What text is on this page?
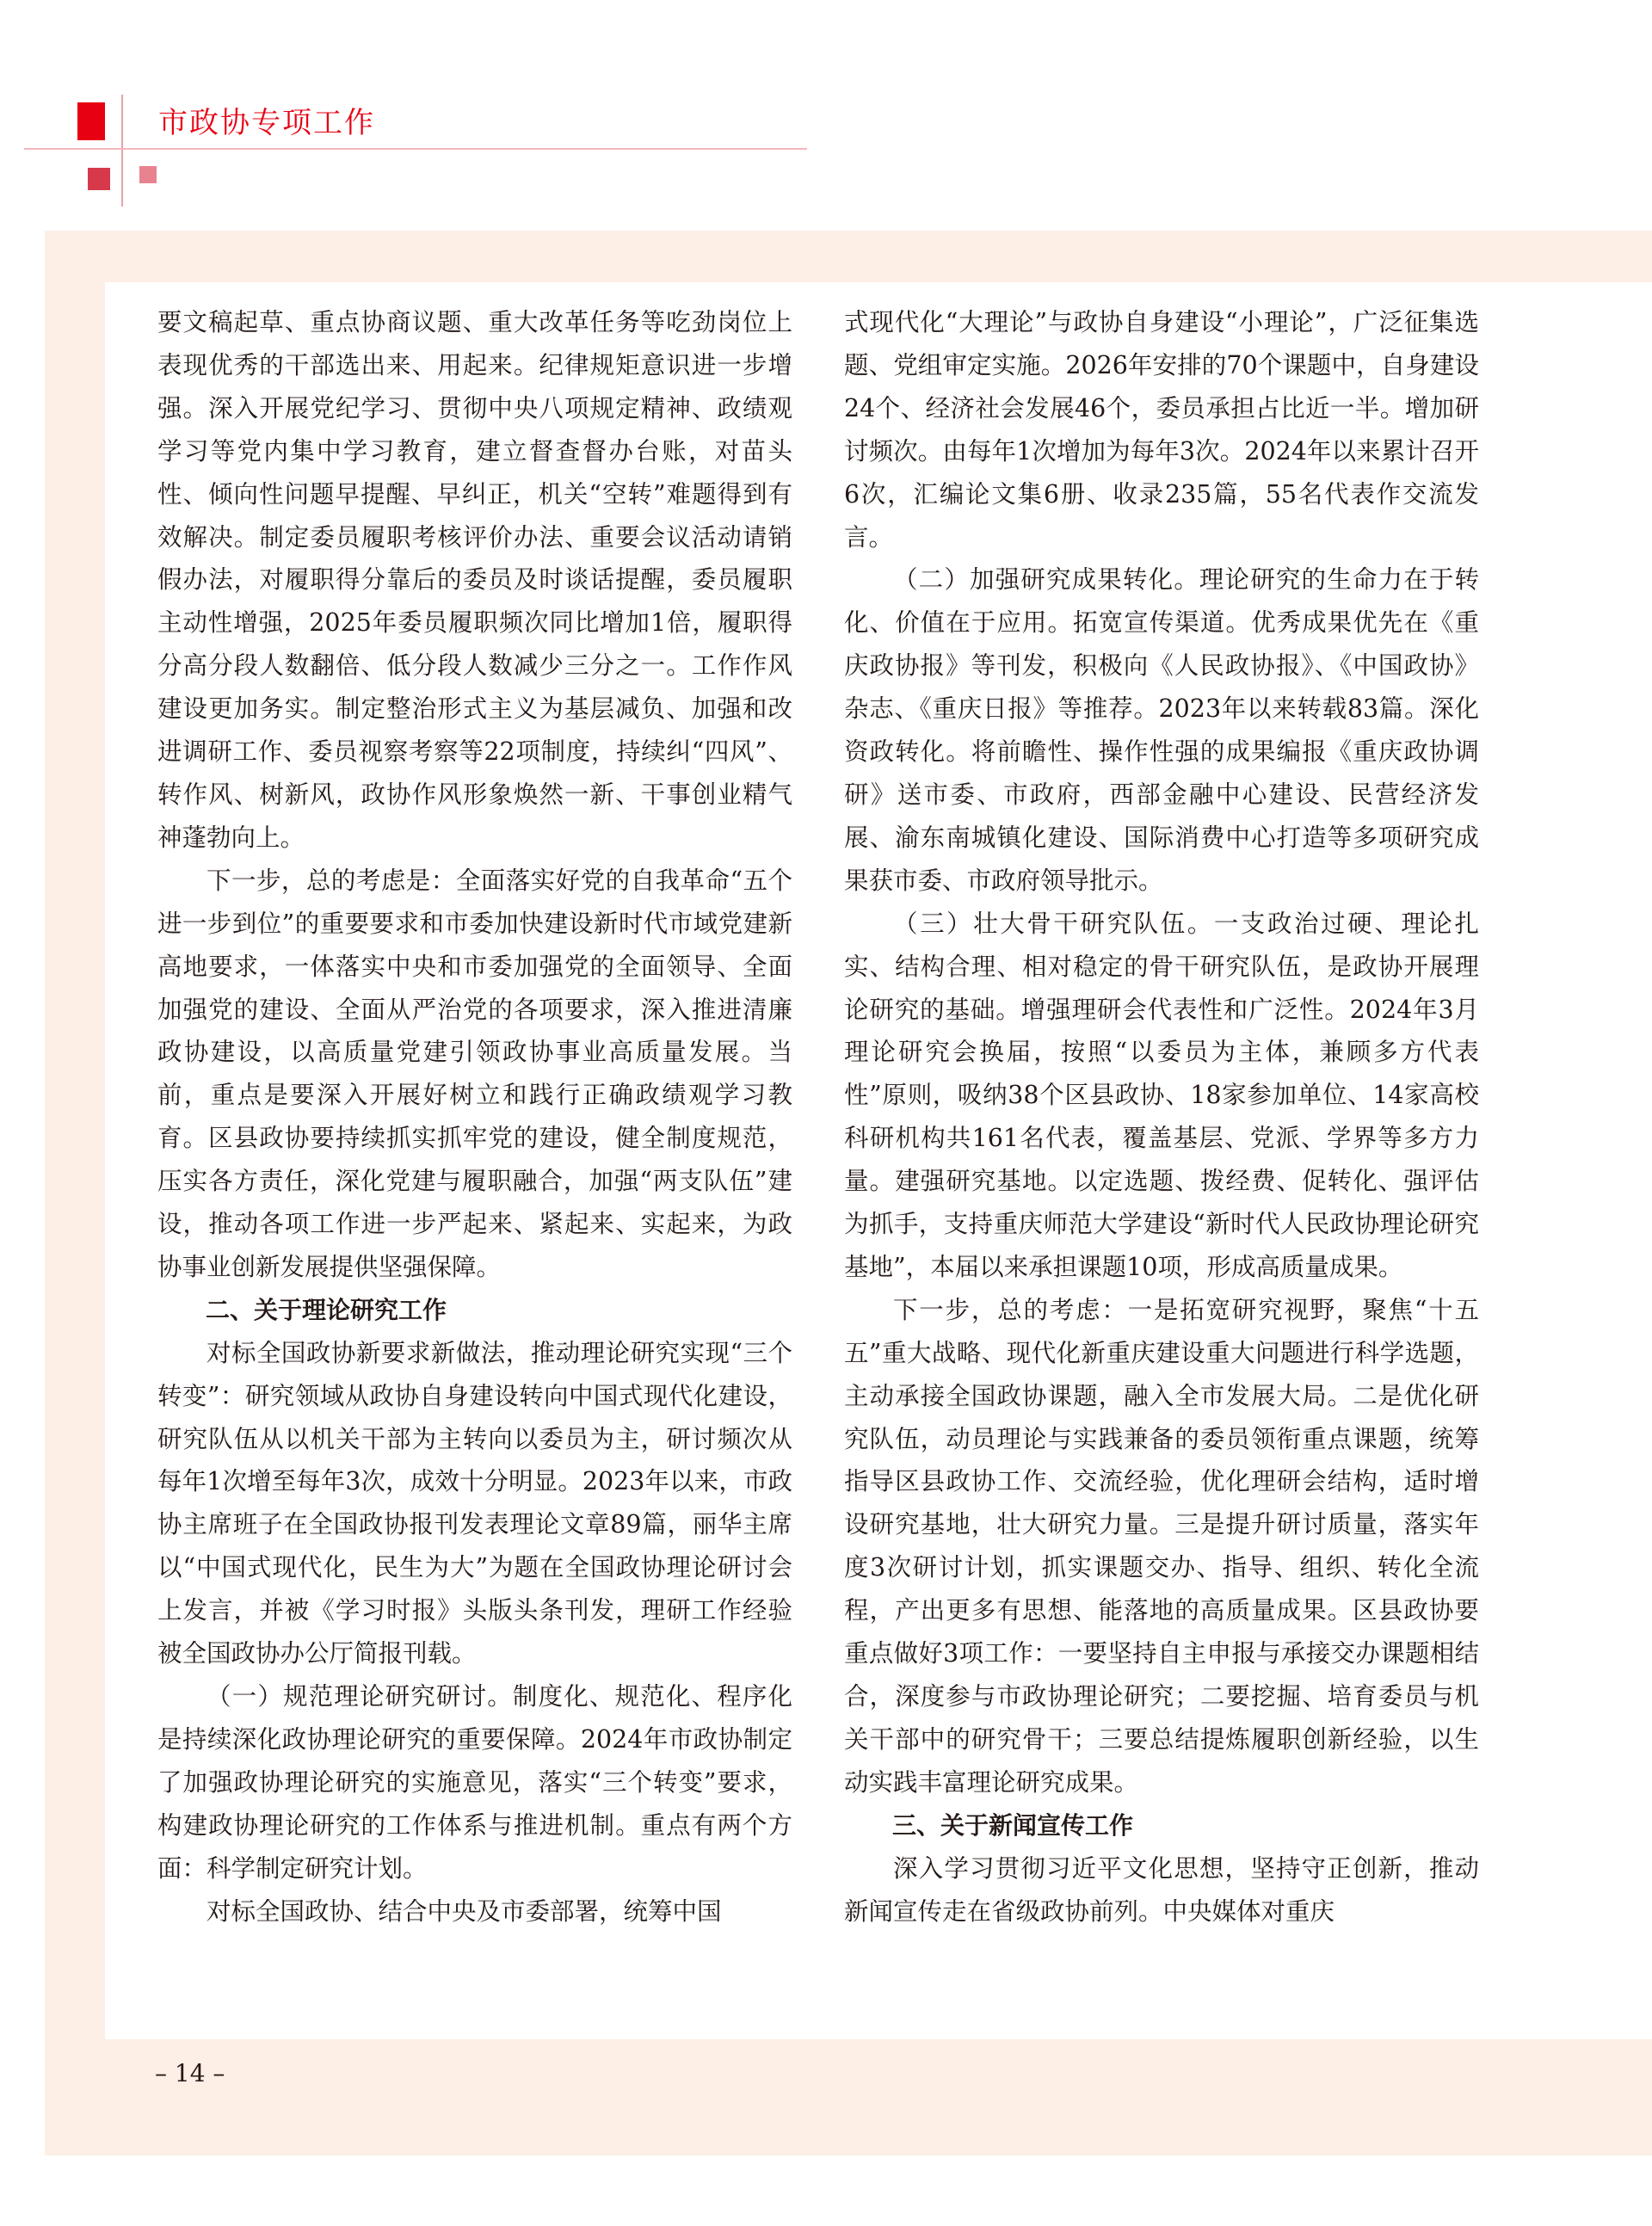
市政协专项工作

要文稿起草、重点协商议题、重大改革任务等吃劲岗位上表现优秀的干部选出来、用起来。纪律规矩意识进一步增强。深入开展党纪学习、贯彻中央八项规定精神、政绩观学习等党内集中学习教育，建立督查督办台账，对苗头性、倾向性问题早提醒、早纠正，机关“空转”难题得到有效解决。制定委员履职考核评价办法、重要会议活动请销假办法，对履职得分靠后的委员及时谈话提醒，委员履职主动性增强，2025年委员履职频次同比增加1倍，履职得分高分段人数翻倍、低分段人数减少三分之一。工作作风建设更加务实。制定整治形式主义为基层减负、加强和改进调研工作、委员视察考察等22项制度，持续纠“四风”、转作风、树新风，政协作风形象焕然一新、干事创业精气神蓬勃向上。

下一步，总的考虑是：全面落实好党的自我革命“五个进一步到位”的重要要求和市委加快建设新时代市域党建新高地要求，一体落实中央和市委加强党的全面领导、全面加强党的建设、全面从严治党的各项要求，深入推进清廉政协建设，以高质量党建引领政协事业高质量发展。当前，重点是要深入开展好树立和践行正确政绩观学习教育。区县政协要持续抓实抓牢党的建设，健全制度规范，压实各方责任，深化党建与履职融合，加强“两支队伍”建设，推动各项工作进一步严起来、紧起来、实起来，为政协事业创新发展提供坚强保障。

二、关于理论研究工作

对标全国政协新要求新做法，推动理论研究实现“三个转变”：研究领域从政协自身建设转向中国式现代化建设，研究队伍从以机关干部为主转向以委员为主，研讨频次从每年1次增至每年3次，成效十分明显。2023年以来，市政协主席班子在全国政协报刊发表理论文章89篇，丽华主席以“中国式现代化，民生为大”为题在全国政协理论研讨会上发言，并被《学习时报》头版头条刊发，理研工作经验被全国政协办公厅简报刊载。

（一）规范理论研究研讨。制度化、规范化、程序化是持续深化政协理论研究的重要保障。2024年市政协制定了加强政协理论研究的实施意见，落实“三个转变”要求，构建政协理论研究的工作体系与推进机制。重点有两个方面：科学制定研究计划。

对标全国政协、结合中央及市委部署，统筹中国

式现代化“大理论”与政协自身建设“小理论”，广泛征集选题、党组审定实施。2026年安排的70个课题中，自身建设24个、经济社会发展46个，委员承担占比近一半。增加研讨频次。由每年1次增加为每年3次。2024年以来累计召开6次，汇编论文集6册、收录235篇，55名代表作交流发言。

（二）加强研究成果转化。理论研究的生命力在于转化、价值在于应用。拓宽宣传渠道。优秀成果优先在《重庆政协报》等刊发，积极向《人民政协报》、《中国政协》杂志、《重庆日报》等推荐。2023年以来转载83篇。深化资政转化。将前瞻性、操作性强的成果编报《重庆政协调研》送市委、市政府，西部金融中心建设、民营经济发展、渝东南城镇化建设、国际消费中心打造等多项研究成果获市委、市政府领导批示。

（三）壮大骨干研究队伍。一支政治过硬、理论扎实、结构合理、相对稳定的骨干研究队伍，是政协开展理论研究的基础。增强理研会代表性和广泛性。2024年3月理论研究会换届，按照“以委员为主体，兼顾多方代表性”原则，吸纳38个区县政协、18家参加单位、14家高校科研机构共161名代表，覆盖基层、党派、学界等多方力量。建强研究基地。以定选题、拨经费、促转化、强评估为抓手，支持重庆师范大学建设“新时代人民政协理论研究基地”，本届以来承担课题10项，形成高质量成果。

下一步，总的考虑：一是拓宽研究视野，聚焦“十五五”重大战略、现代化新重庆建设重大问题进行科学选题，主动承接全国政协课题，融入全市发展大局。二是优化研究队伍，动员理论与实践兼备的委员领衔重点课题，统筹指导区县政协工作、交流经验，优化理研会结构，适时增设研究基地，壮大研究力量。三是提升研讨质量，落实年度3次研讨计划，抓实课题交办、指导、组织、转化全流程，产出更多有思想、能落地的高质量成果。区县政协要重点做好3项工作：一要坚持自主申报与承接交办课题相结合，深度参与市政协理论研究；二要挖掘、培育委员与机关干部中的研究骨干；三要总结提炼履职创新经验，以生动实践丰富理论研究成果。

三、关于新闻宣传工作

深入学习贯彻习近平文化思想，坚持守正创新，推动新闻宣传走在省级政协前列。中央媒体对重庆

– 14 –
